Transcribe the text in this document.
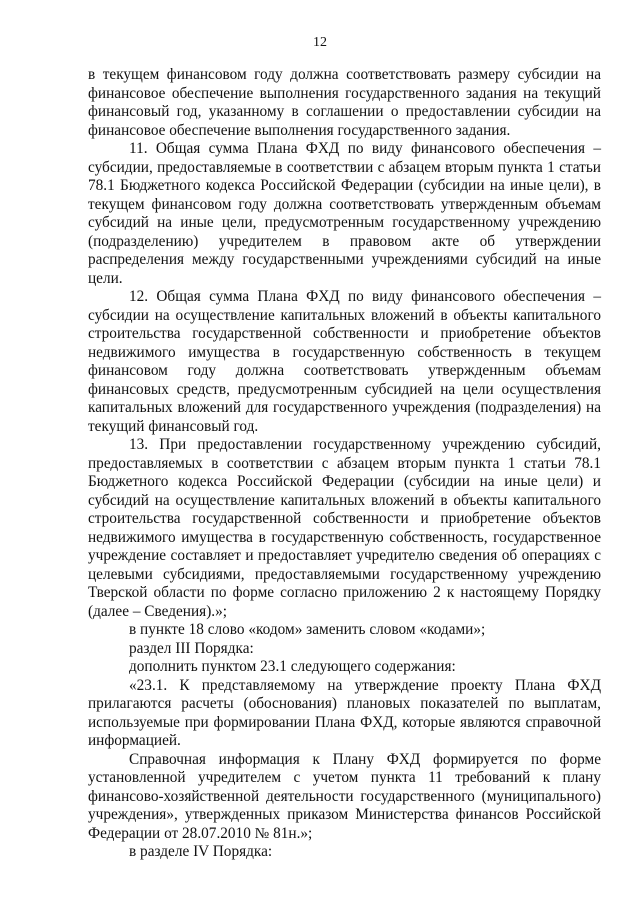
12

в текущем финансовом году должна соответствовать размеру субсидии на финансовое обеспечение выполнения государственного задания на текущий финансовый год, указанному в соглашении о предоставлении субсидии на финансовое обеспечение выполнения государственного задания.

11. Общая сумма Плана ФХД по виду финансового обеспечения – субсидии, предоставляемые в соответствии с абзацем вторым пункта 1 статьи 78.1 Бюджетного кодекса Российской Федерации (субсидии на иные цели), в текущем финансовом году должна соответствовать утвержденным объемам субсидий на иные цели, предусмотренным государственному учреждению (подразделению) учредителем в правовом акте об утверждении распределения между государственными учреждениями субсидий на иные цели.

12. Общая сумма Плана ФХД по виду финансового обеспечения – субсидии на осуществление капитальных вложений в объекты капитального строительства государственной собственности и приобретение объектов недвижимого имущества в государственную собственность в текущем финансовом году должна соответствовать утвержденным объемам финансовых средств, предусмотренным субсидией на цели осуществления капитальных вложений для государственного учреждения (подразделения) на текущий финансовый год.

13. При предоставлении государственному учреждению субсидий, предоставляемых в соответствии с абзацем вторым пункта 1 статьи 78.1 Бюджетного кодекса Российской Федерации (субсидии на иные цели) и субсидий на осуществление капитальных вложений в объекты капитального строительства государственной собственности и приобретение объектов недвижимого имущества в государственную собственность, государственное учреждение составляет и предоставляет учредителю сведения об операциях с целевыми субсидиями, предоставляемыми государственному учреждению Тверской области по форме согласно приложению 2 к настоящему Порядку (далее – Сведения).»;

в пункте 18 слово «кодом» заменить словом «кодами»;

раздел III Порядка:

дополнить пунктом 23.1 следующего содержания:

«23.1. К представляемому на утверждение проекту Плана ФХД прилагаются расчеты (обоснования) плановых показателей по выплатам, используемые при формировании Плана ФХД, которые являются справочной информацией.

Справочная информация к Плану ФХД формируется по форме установленной учредителем с учетом пункта 11 требований к плану финансово-хозяйственной деятельности государственного (муниципального) учреждения», утвержденных приказом Министерства финансов Российской Федерации от 28.07.2010 № 81н.»;

в разделе IV Порядка:
